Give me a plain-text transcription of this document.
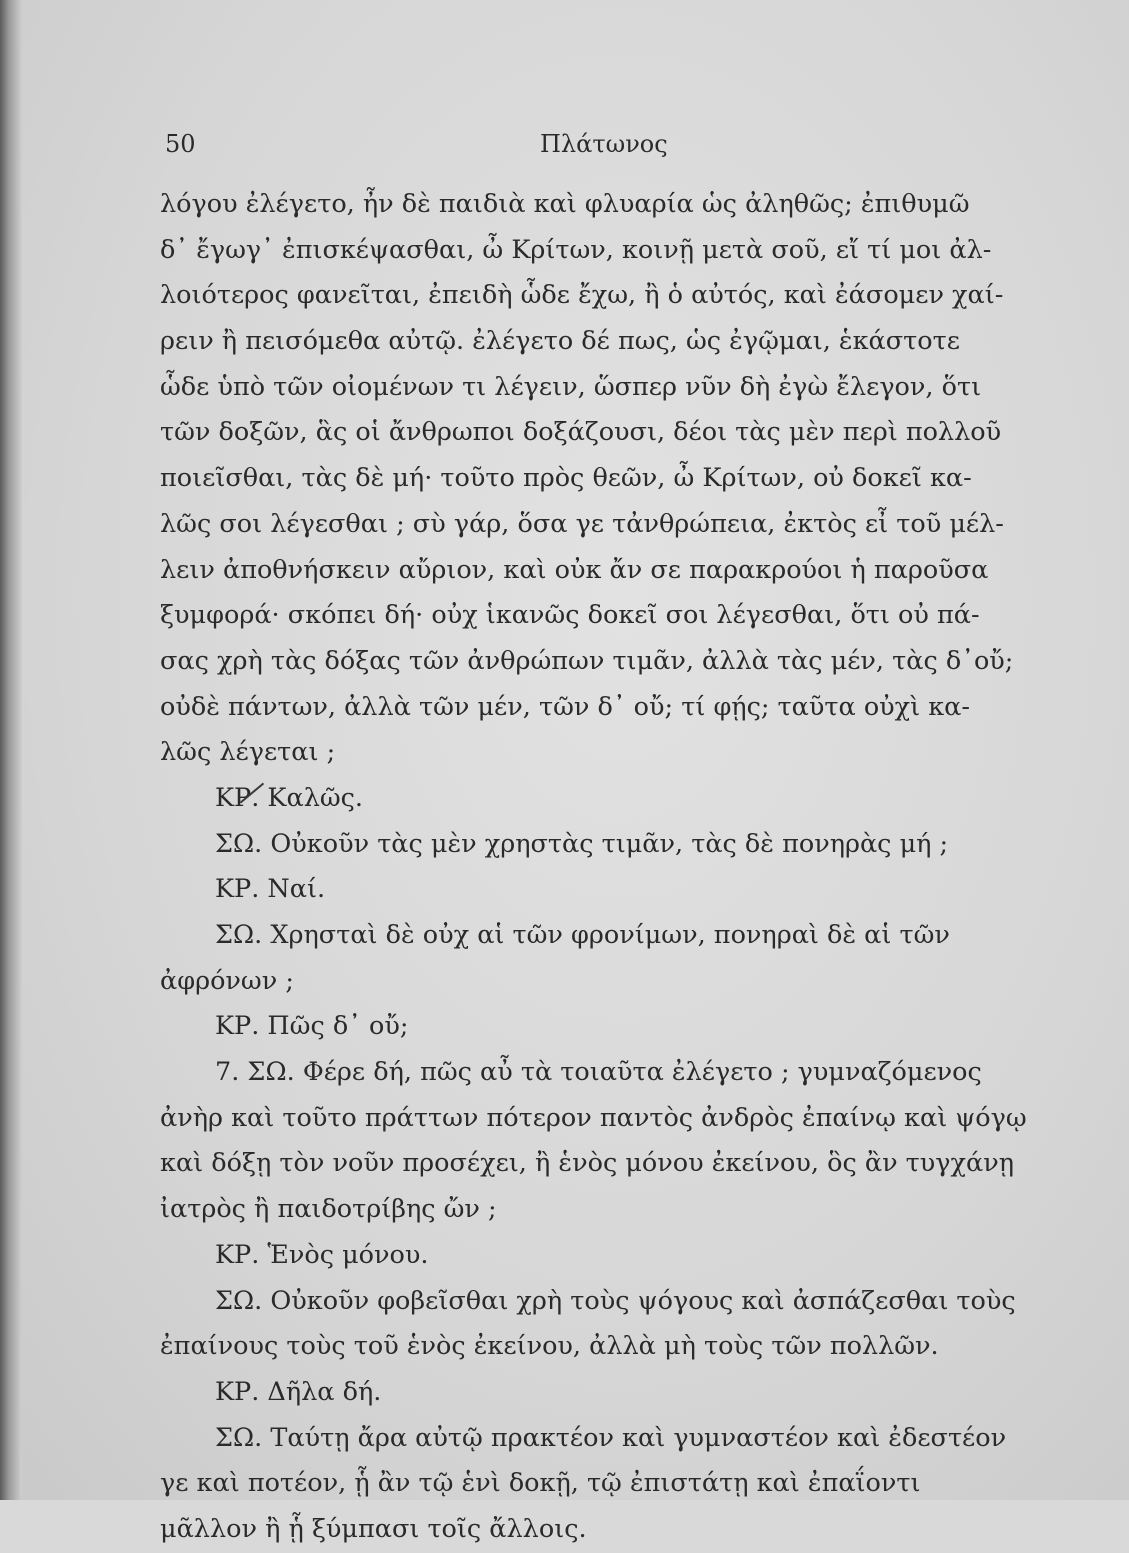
50	Πλάτωνος
λόγου ἐλέγετο, ἦν δὲ παιδιὰ καὶ φλυαρία ὡς ἀληθῶς; ἐπιθυμῶ
δ᾽ ἔγωγ᾽ ἐπισκέψασθαι, ὦ Κρίτων, κοινῇ μετὰ σοῦ, εἴ τί μοι ἀλ-
λοιότερος φανεῖται, ἐπειδὴ ὧδε ἔχω, ἢ ὁ αὐτός, καὶ ἐάσομεν χαί-
ρειν ἢ πεισόμεθα αὐτῷ. ἐλέγετο δέ πως, ὡς ἐγῷμαι, ἑκάστοτε
ὧδε ὑπὸ τῶν οἰομένων τι λέγειν, ὥσπερ νῦν δὴ ἐγὼ ἔλεγον, ὅτι
τῶν δοξῶν, ἃς οἱ ἄνθρωποι δοξάζουσι, δέοι τὰς μὲν περὶ πολλοῦ
ποιεῖσθαι, τὰς δὲ μή· τοῦτο πρὸς θεῶν, ὦ Κρίτων, οὐ δοκεῖ κα-
λῶς σοι λέγεσθαι ; σὺ γάρ, ὅσα γε τἀνθρώπεια, ἐκτὸς εἶ τοῦ μέλ-
λειν ἀποθνήσκειν αὔριον, καὶ οὐκ ἄν σε παρακρούοι ἡ παροῦσα
ξυμφορά· σκόπει δή· οὐχ ἱκανῶς δοκεῖ σοι λέγεσθαι, ὅτι οὐ πά-
σας χρὴ τὰς δόξας τῶν ἀνθρώπων τιμᾶν, ἀλλὰ τὰς μέν, τὰς δ᾽οὔ;
οὐδὲ πάντων, ἀλλὰ τῶν μέν, τῶν δ᾽ οὔ; τί φῄς; ταῦτα οὐχὶ κα-
λῶς λέγεται ;
ΚΡ. Καλῶς.
ΣΩ. Οὐκοῦν τὰς μὲν χρηστὰς τιμᾶν, τὰς δὲ πονηρὰς μή ;
ΚΡ. Ναί.
ΣΩ. Χρησταὶ δὲ οὐχ αἱ τῶν φρονίμων, πονηραὶ δὲ αἱ τῶν
ἀφρόνων ;
ΚΡ. Πῶς δ᾽ οὔ;
7. ΣΩ. Φέρε δή, πῶς αὖ τὰ τοιαῦτα ἐλέγετο ; γυμναζόμενος
ἀνὴρ καὶ τοῦτο πράττων πότερον παντὸς ἀνδρὸς ἐπαίνῳ καὶ ψόγῳ
καὶ δόξῃ τὸν νοῦν προσέχει, ἢ ἑνὸς μόνου ἐκείνου, ὃς ἂν τυγχάνῃ
ἰατρὸς ἢ παιδοτρίβης ὤν ;
ΚΡ. Ἑνὸς μόνου.
ΣΩ. Οὐκοῦν φοβεῖσθαι χρὴ τοὺς ψόγους καὶ ἀσπάζεσθαι τοὺς
ἐπαίνους τοὺς τοῦ ἑνὸς ἐκείνου, ἀλλὰ μὴ τοὺς τῶν πολλῶν.
ΚΡ. Δῆλα δή.
ΣΩ. Ταύτῃ ἄρα αὐτῷ πρακτέον καὶ γυμναστέον καὶ ἐδεστέον
γε καὶ ποτέον, ᾗ ἂν τῷ ἑνὶ δοκῇ, τῷ ἐπιστάτῃ καὶ ἐπαΐοντι
μᾶλλον ἢ ᾗ ξύμπασι τοῖς ἄλλοις.
